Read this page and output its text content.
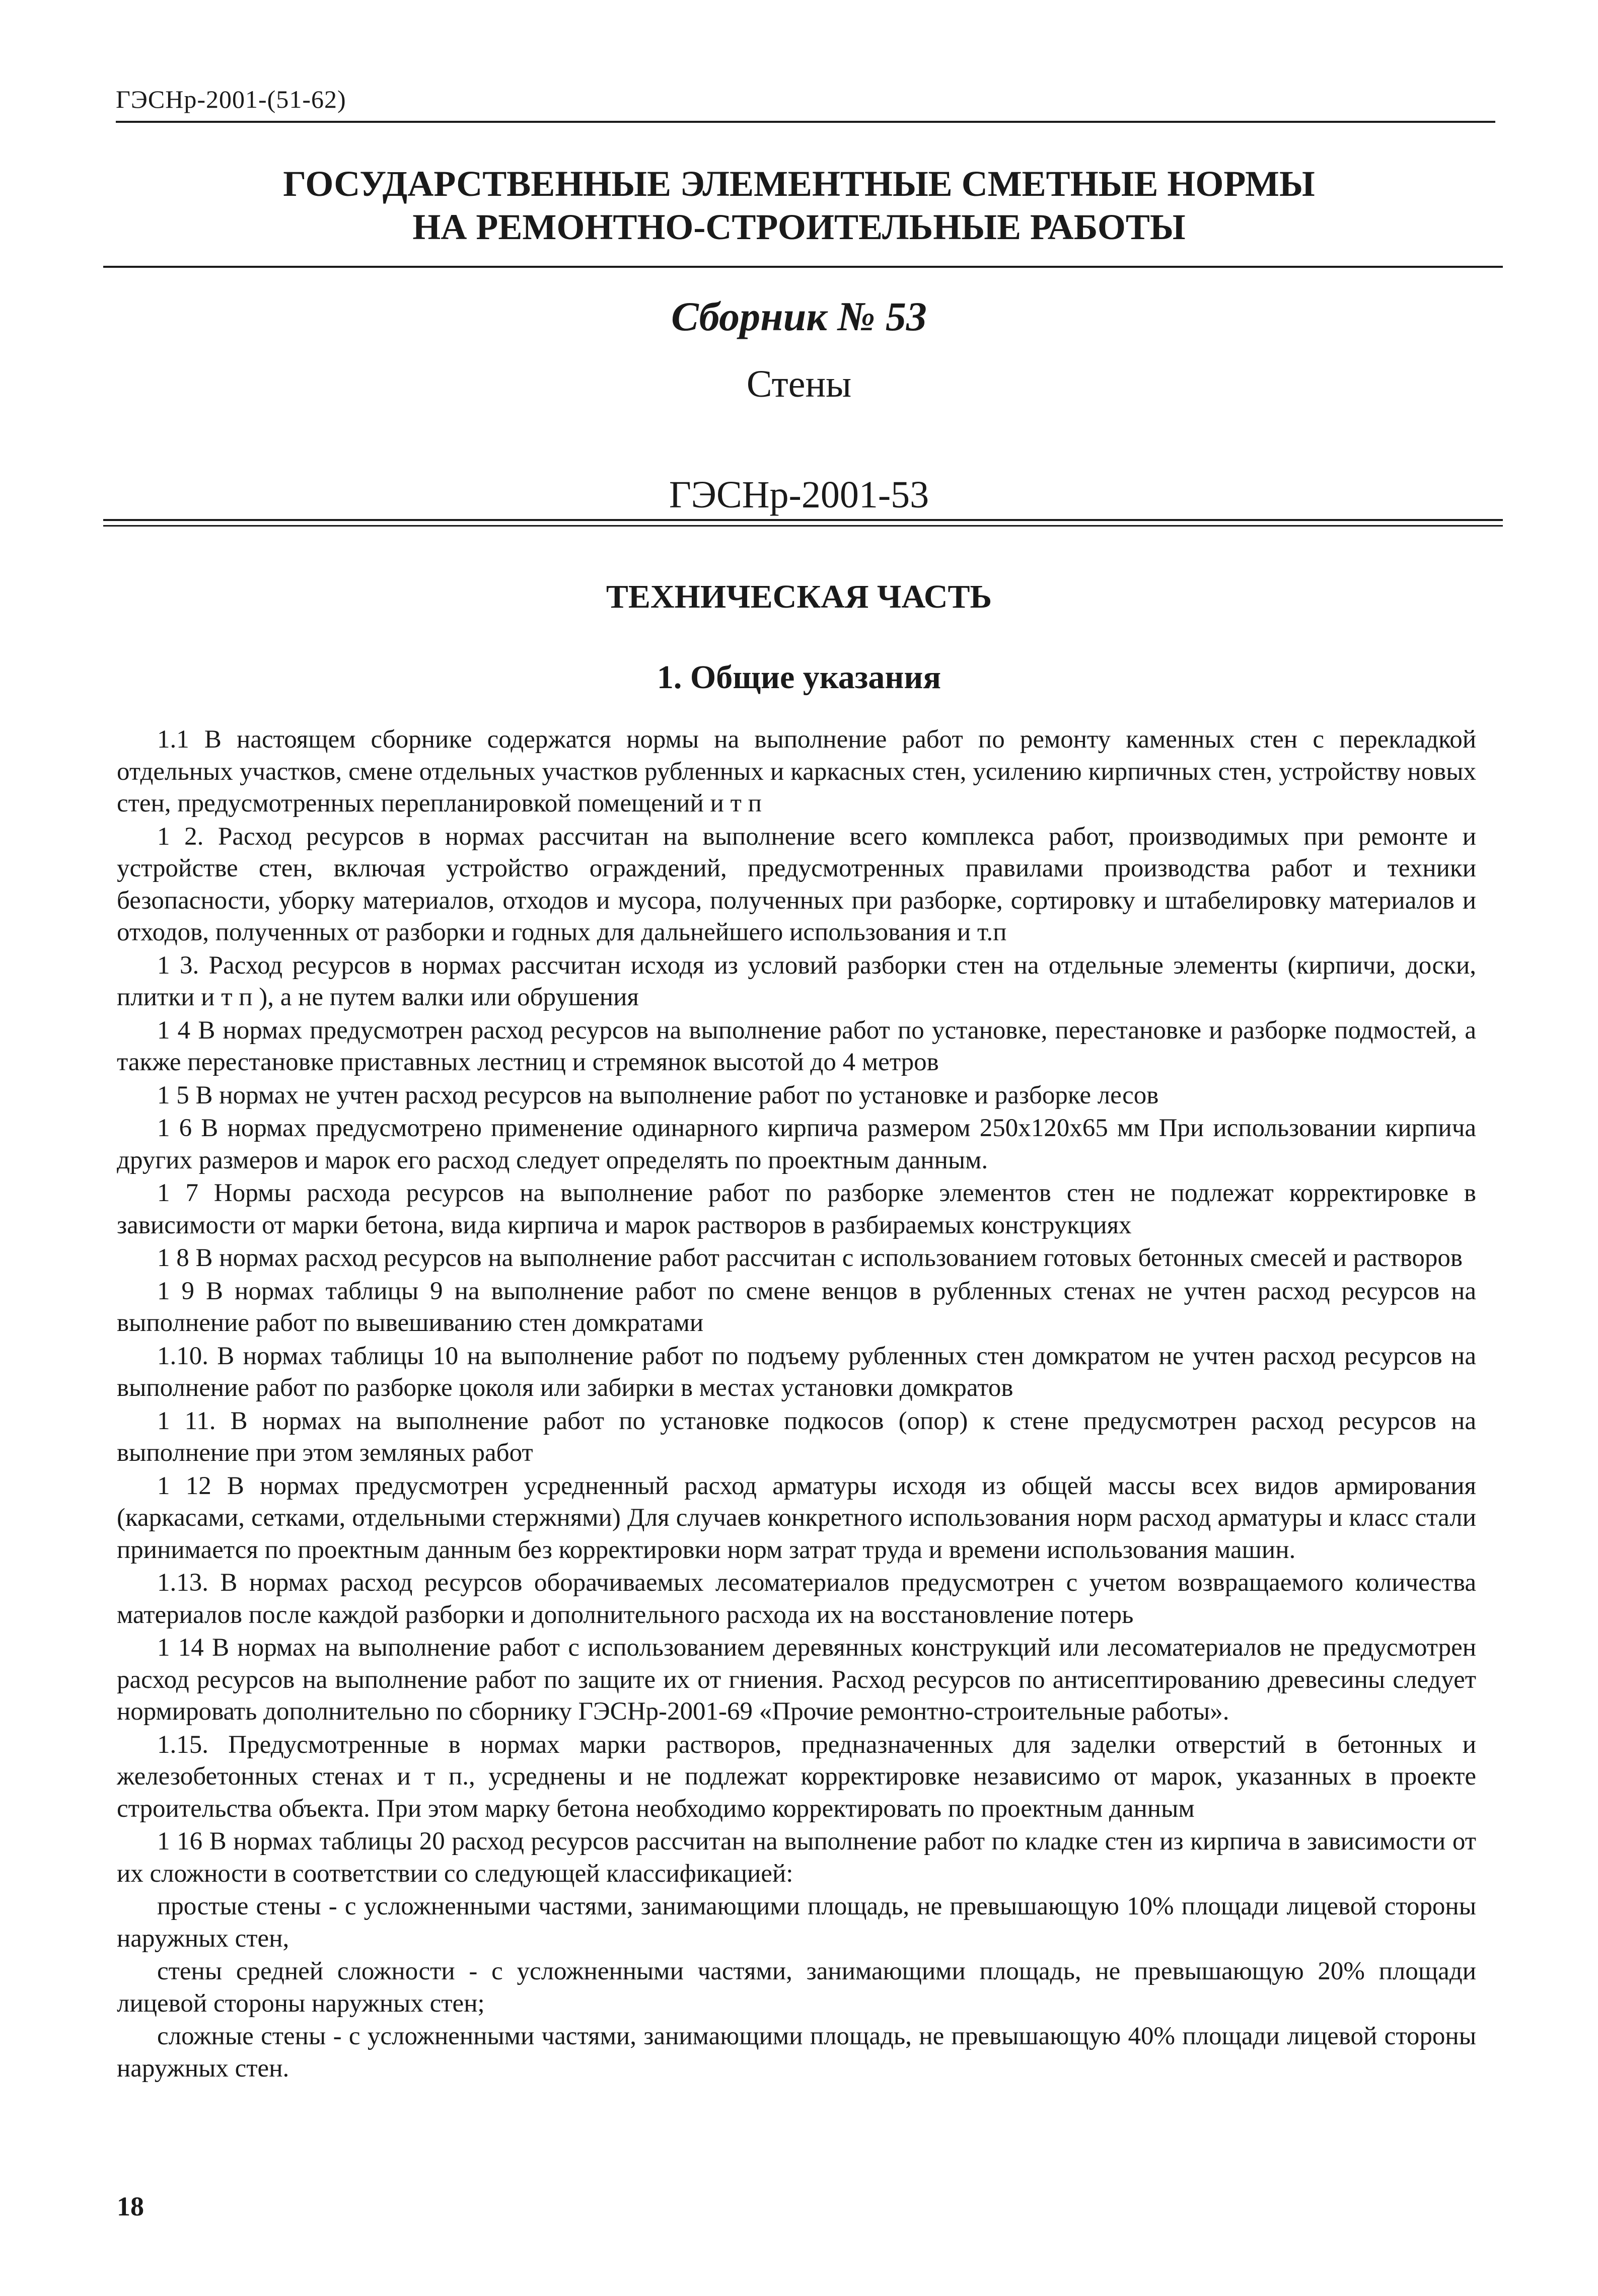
ГЭСНр-2001-(51-62)
ГОСУДАРСТВЕННЫЕ ЭЛЕМЕНТНЫЕ СМЕТНЫЕ НОРМЫ
НА РЕМОНТНО-СТРОИТЕЛЬНЫЕ РАБОТЫ
Сборник № 53
Стены
ГЭСНр-2001-53
ТЕХНИЧЕСКАЯ ЧАСТЬ
1. Общие указания

1.1 В настоящем сборнике содержатся нормы на выполнение работ по ремонту каменных стен с перекладкой отдельных участков, смене отдельных участков рубленных и каркасных стен, усилению кирпичных стен, устройству новых стен, предусмотренных перепланировкой помещений и т п

1 2. Расход ресурсов в нормах рассчитан на выполнение всего комплекса работ, производимых при ремонте и устройстве стен, включая устройство ограждений, предусмотренных правилами производства работ и техники безопасности, уборку материалов, отходов и мусора, полученных при разборке, сортировку и штабелировку материалов и отходов, полученных от разборки и годных для дальнейшего использования и т.п

1 3. Расход ресурсов в нормах рассчитан исходя из условий разборки стен на отдельные элементы (кирпичи, доски, плитки и т п ), а не путем валки или обрушения

1 4 В нормах предусмотрен расход ресурсов на выполнение работ по установке, перестановке и разборке подмостей, а также перестановке приставных лестниц и стремянок высотой до 4 метров

1 5 В нормах не учтен расход ресурсов на выполнение работ по установке и разборке лесов

1 6 В нормах предусмотрено применение одинарного кирпича размером 250x120x65 мм При использовании кирпича других размеров и марок его расход следует определять по проектным данным.

1 7 Нормы расхода ресурсов на выполнение работ по разборке элементов стен не подлежат корректировке в зависимости от марки бетона, вида кирпича и марок растворов в разбираемых конструкциях

1 8 В нормах расход ресурсов на выполнение работ рассчитан с использованием готовых бетонных смесей и растворов

1 9 В нормах таблицы 9 на выполнение работ по смене венцов в рубленных стенах не учтен расход ресурсов на выполнение работ по вывешиванию стен домкратами

1.10. В нормах таблицы 10 на выполнение работ по подъему рубленных стен домкратом не учтен расход ресурсов на выполнение работ по разборке цоколя или забирки в местах установки домкратов

1 11. В нормах на выполнение работ по установке подкосов (опор) к стене предусмотрен расход ресурсов на выполнение при этом земляных работ

1 12 В нормах предусмотрен усредненный расход арматуры исходя из общей массы всех видов армирования (каркасами, сетками, отдельными стержнями) Для случаев конкретного использования норм расход арматуры и класс стали принимается по проектным данным без корректировки норм затрат труда и времени использования машин.

1.13. В нормах расход ресурсов оборачиваемых лесоматериалов предусмотрен с учетом возвращаемого количества материалов после каждой разборки и дополнительного расхода их на восстановление потерь

1 14 В нормах на выполнение работ с использованием деревянных конструкций или лесоматериалов не предусмотрен расход ресурсов на выполнение работ по защите их от гниения. Расход ресурсов по антисептированию древесины следует нормировать дополнительно по сборнику ГЭСНр-2001-69 «Прочие ремонтно-строительные работы».

1.15. Предусмотренные в нормах марки растворов, предназначенных для заделки отверстий в бетонных и железобетонных стенах и т п., усреднены и не подлежат корректировке независимо от марок, указанных в проекте строительства объекта. При этом марку бетона необходимо корректировать по проектным данным

1 16 В нормах таблицы 20 расход ресурсов рассчитан на выполнение работ по кладке стен из кирпича в зависимости от их сложности в соответствии со следующей классификацией:

простые стены - с усложненными частями, занимающими площадь, не превышающую 10% площади лицевой стороны наружных стен,

стены средней сложности - с усложненными частями, занимающими площадь, не превышающую 20% площади лицевой стороны наружных стен;

сложные стены - с усложненными частями, занимающими площадь, не превышающую 40% площади лицевой стороны наружных стен.

18
